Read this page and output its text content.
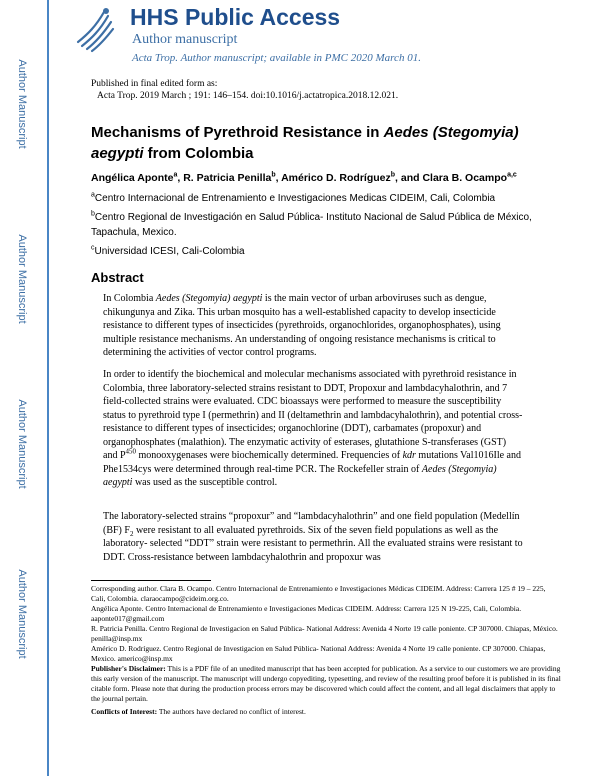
Author Manuscript
Author Manuscript
Author Manuscript
Author Manuscript
HHS Public Access
Author manuscript
Acta Trop. Author manuscript; available in PMC 2020 March 01.
Published in final edited form as:
Acta Trop. 2019 March ; 191: 146–154. doi:10.1016/j.actatropica.2018.12.021.
Mechanisms of Pyrethroid Resistance in Aedes (Stegomyia) aegypti from Colombia
Angélica Aponte$^a$, R. Patricia Penilla$^b$, Américo D. Rodríguez$^b$, and Clara B. Ocampo$^{a,c}$
$^a$Centro Internacional de Entrenamiento e Investigaciones Medicas CIDEIM, Cali, Colombia
$^b$Centro Regional de Investigación en Salud Pública- Instituto Nacional de Salud Pública de México, Tapachula, Mexico.
$^c$Universidad ICESI, Cali-Colombia
Abstract
In Colombia Aedes (Stegomyia) aegypti is the main vector of urban arboviruses such as dengue, chikungunya and Zika. This urban mosquito has a well-established capacity to develop insecticide resistance to different types of insecticides (pyrethroids, organochlorides, organophosphates), using multiple resistance mechanisms. An understanding of ongoing resistance mechanisms is critical to determining the activities of vector control programs.
In order to identify the biochemical and molecular mechanisms associated with pyrethroid resistance in Colombia, three laboratory-selected strains resistant to DDT, Propoxur and lambdacyhalothrin, and 7 field-collected strains were evaluated. CDC bioassays were performed to measure the susceptibility status to pyrethroid type I (permethrin) and II (deltamethrin and lambdacyhalothrin), and potential cross-resistance to different types of insecticides; organochlorine (DDT), carbamates (propoxur) and organophosphates (malathion). The enzymatic activity of esterases, glutathione S-transferases (GST) and $P^{450}$ monooxygenases were biochemically determined. Frequencies of kdr mutations Val1016Ile and Phe1534cys were determined through real-time PCR. The Rockefeller strain of Aedes (Stegomyia) aegypti was used as the susceptible control.
The laboratory-selected strains “propoxur” and “lambdacyhalothrin” and one field population (Medellín (BF) $F_2$ were resistant to all evaluated pyrethroids. Six of the seven field populations as well as the laboratory- selected “DDT” strain were resistant to permethrin. All the evaluated strains were resistant to DDT. Cross-resistance between lambdacyhalothrin and propoxur was
Corresponding author. Clara B. Ocampo. Centro Internacional de Entrenamiento e Investigaciones Médicas CIDEIM. Address: Carrera 125 # 19 – 225, Cali, Colombia. claraocampo@cideim.org.co.
Angélica Aponte. Centro Internacional de Entrenamiento e Investigaciones Medicas CIDEIM. Address: Carrera 125 N 19-225, Cali, Colombia. aaponte017@gmail.com
R. Patricia Penilla. Centro Regional de Investigacion en Salud Pública- National Address: Avenida 4 Norte 19 calle poniente. CP 307000. Chiapas, México. penilla@insp.mx
Américo D. Rodríguez. Centro Regional de Investigacion en Salud Pública- National Address: Avenida 4 Norte 19 calle poniente. CP 307000. Chiapas, Mexico. americo@insp.mx
Publisher's Disclaimer: This is a PDF file of an unedited manuscript that has been accepted for publication. As a service to our customers we are providing this early version of the manuscript. The manuscript will undergo copyediting, typesetting, and review of the resulting proof before it is published in its final citable form. Please note that during the production process errors may be discovered which could affect the content, and all legal disclaimers that apply to the journal pertain.
Conflicts of Interest: The authors have declared no conflict of interest.
